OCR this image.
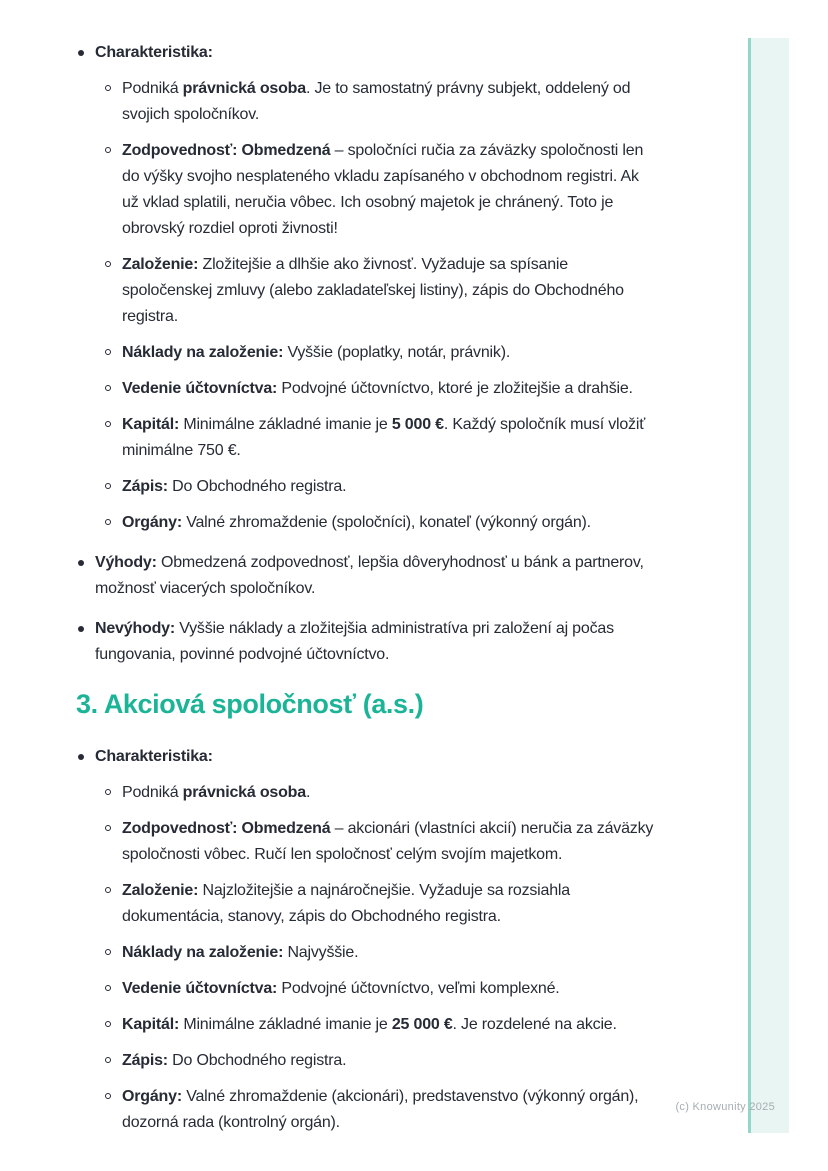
Charakteristika:
Podniká právnická osoba. Je to samostatný právny subjekt, oddelený od svojich spoločníkov.
Zodpovednosť: Obmedzená – spoločníci ručia za záväzky spoločnosti len do výšky svojho nesplateného vkladu zapísaného v obchodnom registri. Ak už vklad splatili, neručia vôbec. Ich osobný majetok je chránený. Toto je obrovský rozdiel oproti živnosti!
Založenie: Zložitejšie a dlhšie ako živnosť. Vyžaduje sa spísanie spoločenskej zmluvy (alebo zakladateľskej listiny), zápis do Obchodného registra.
Náklady na založenie: Vyššie (poplatky, notár, právnik).
Vedenie účtovníctva: Podvojné účtovníctvo, ktoré je zložitejšie a drahšie.
Kapitál: Minimálne základné imanie je 5 000 €. Každý spoločník musí vložiť minimálne 750 €.
Zápis: Do Obchodného registra.
Orgány: Valné zhromaždenie (spoločníci), konateľ (výkonný orgán).
Výhody: Obmedzená zodpovednosť, lepšia dôveryhodnosť u bánk a partnerov, možnosť viacerých spoločníkov.
Nevýhody: Vyššie náklady a zložitejšia administratíva pri založení aj počas fungovania, povinné podvojné účtovníctvo.
3. Akciová spoločnosť (a.s.)
Charakteristika:
Podniká právnická osoba.
Zodpovednosť: Obmedzená – akcionári (vlastníci akcií) neručia za záväzky spoločnosti vôbec. Ručí len spoločnosť celým svojím majetkom.
Založenie: Najzložitejšie a najnáročnejšie. Vyžaduje sa rozsiahla dokumentácia, stanovy, zápis do Obchodného registra.
Náklady na založenie: Najvyššie.
Vedenie účtovníctva: Podvojné účtovníctvo, veľmi komplexné.
Kapitál: Minimálne základné imanie je 25 000 €. Je rozdelené na akcie.
Zápis: Do Obchodného registra.
Orgány: Valné zhromaždenie (akcionári), predstavenstvo (výkonný orgán), dozorná rada (kontrolný orgán).
(c) Knowunity 2025
